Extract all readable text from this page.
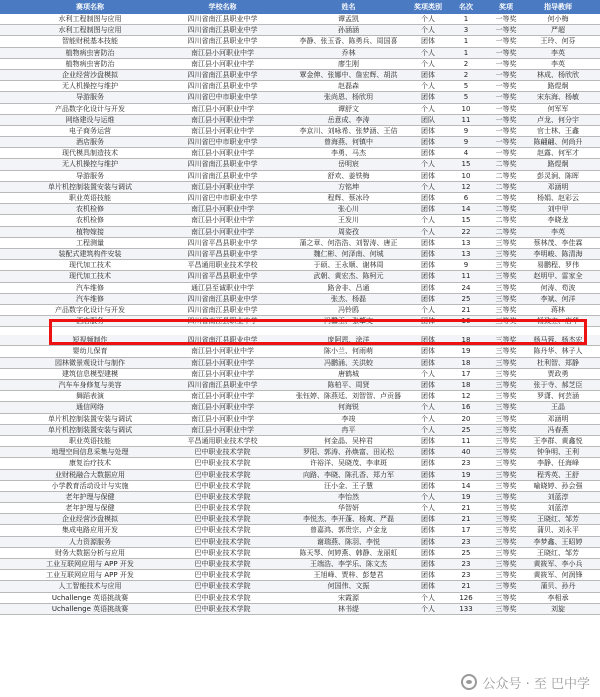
赛项名称	学校名称	姓名	奖项类别	名次	奖项	指导教师
水利工程制图与应用	四川省南江县职业中学	谭孟凯	个人	1	一等奖	何小梅
水利工程制图与应用	四川省南江县职业中学	孙涵涵	个人	3	一等奖	严超
智能财税基本技能	四川省南江县职业中学	李静、张玉香、陈勇兵、周国喜	团体	1	一等奖	王玲、何芬
植物病虫害防治	南江县小河职业中学	乔林	个人	1	一等奖	李英
植物病虫害防治	南江县小河职业中学	廖生刚	个人	2	一等奖	李英
企业经营沙盘模拟	四川省南江县职业中学	覃金伸、张娜中、詹宏辉、胡洪	团体	2	一等奖	林成、杨欣欣
无人机操控与维护	四川省南江县职业中学	赵磊森	个人	5	一等奖	路煜炯
导游服务	四川省巴中市职业中学	张尚恩、杨欣玥	团体	5	一等奖	宋东海、杨敏
产品数字化设计与开发	南江县小河职业中学	谭舒文	个人	10	一等奖	何军军
网络建设与运维	南江县小河职业中学	岳意成、李涛	团队	11	一等奖	卢龙、何分宇
电子商务运营	南江县小河职业中学	李京川、刘咏希、张梦涵、王佶	团体	9	一等奖	官士林、王鑫
酒店服务	四川省巴中市职业中学	曾海燕、何镇中	团体	9	一等奖	陈翩翩、何尚升
现代模具制造技术	南江县小河职业中学	李勇、马杰	团体	4	一等奖	赵露、何军才
无人机操控与维护	四川省南江县职业中学	岳明宸	个人	15	二等奖	路煜炯
导游服务	四川省南江县职业中学	舒欢、姜铁梅	团体	10	二等奖	彭灵涧、陈晖
单片机控制装置安装与调试	南江县小河职业中学	方铭坤	个人	12	二等奖	邓涵明
职业英语技能	四川省巴中市职业中学	程辉、蔡冰玲	团体	6	二等奖	杨娟、赵彩云
农机检修	南江县小河职业中学	张心川	团体	14	二等奖	刘中甲
农机检修	南江县小河职业中学	王发川	个人	15	二等奖	李晓龙
植物嫁接	南江县小河职业中学	周姿孜	个人	22	二等奖	李英
工程测量	四川省平昌县职业中学	蒲之章、何浩浩、刘智涛、唐正	团体	13	三等奖	蔡林茂、李佳霖
装配式建筑构件安装	四川省平昌县职业中学	魏仁彬、何泽南、何城	团体	13	三等奖	李明峻、陈清海
现代加工技术	平昌通用职业技术学校	于硕、王永顺、谢林周	团体	9	三等奖	易鹏程、罗伟
现代加工技术	四川省平昌县职业中学	武朝、黄宏杰、陈柯元	团体	11	三等奖	赵明甲、雷家全
汽车维修	通江县至诚职业中学	路舍非、吕通	团体	24	三等奖	何涛、苟波
汽车维修	四川省南江县职业中学	张杰、杨磊	团体	25	三等奖	李斌、何洋
产品数字化设计与开发	四川省南江县职业中学	冯铃鸥	个人	21	三等奖	蒋林
酒店服务	四川省南江县职业中学	冯馨玉、张肇文	团体	16	三等奖	杨致立、唐华
短视频制作	四川省南江县职业中学	庞阿恩、涂洋	团体	18	三等奖	杨马蓉、杨杰宏
婴幼儿保育	南江县小河职业中学	陈小兰、何雨萌	团体	19	三等奖	陈丹华、林子人
园林微景观设计与制作	南江县小河职业中学	冯鹏涌、关洪蛟	团体	18	三等奖	杜利智、郑静
建筑信息模型建模	南江县小河职业中学	唐鹤城	个人	17	三等奖	贾政勇
汽车车身修复与美容	四川省南江县职业中学	陈柏平、周贤	团体	18	三等奖	张于寺、郝芝臣
舞蹈表演	南江县小河职业中学	张钰婷、陈燕廷、刘智智、卢贡器	团体	12	三等奖	罗潇、何芸涵
通信网络	南江县小河职业中学	何海锐	个人	16	三等奖	王晶
单片机控制装置安装与调试	南江县小河职业中学	李竣	个人	20	三等奖	邓涵明
单片机控制装置安装与调试	南江县小河职业中学	冉平	个人	25	三等奖	冯春燕
职业英语技能	平昌通用职业技术学校	何金晶、吴梓君	团体	11	三等奖	王李群、黄鑫悦
地理空间信息采集与处理	巴中职业技术学院	罗阳、郭涛、孙焕富、田沁松	团体	40	三等奖	钟争明、王利
康复治疗技术	巴中职业技术学院	许裕洋、吴晓茂、李聿斑	团体	23	三等奖	李静、任海峰
业财税融合大数据应用	巴中职业技术学院	向路、李晓、陈孔香、郑力军	团体	19	三等奖	程秀英、王舒
小学教育活动设计与实施	巴中职业技术学院	汪小金、王子慧	团体	14	三等奖	喻晓婷、孙会强
老年护理与保健	巴中职业技术学院	李怡然	个人	19	三等奖	刘蓝淳
老年护理与保健	巴中职业技术学院	华智妍	个人	21	三等奖	刘蓝淳
企业经营沙盘模拟	巴中职业技术学院	李悦杰、李开蓬、杨爽、严磊	团体	21	三等奖	王晓红、邹芳
集成电路应用开发	巴中职业技术学院	曾嘉鸿、郭贵宗、卢金龙	团体	17	三等奖	蒲贝、刘永平
人力资源服务	巴中职业技术学院	谢瑞燕、陈羽、李悦	团体	23	三等奖	李梦鑫、王昭婷
财务大数据分析与应用	巴中职业技术学院	陈天琴、何婷燕、韩静、龙丽虹	团体	25	三等奖	王晓红、邹芳
工业互联网应用与 APP 开发	巴中职业技术学院	王端浩、李学乐、陈文杰	团体	23	三等奖	黄筱军、李小兵
工业互联网应用与 APP 开发	巴中职业技术学院	王旭峰、贾梓、彭楚君	团体	23	三等奖	黄筱军、何润锋
人工智能技术与应用	巴中职业技术学院	何国伟、文振	团体	21	三等奖	蒲贝、孙丹
Uchallenge 英语挑战赛	巴中职业技术学院	宋霞源	个人	126	三等奖	李相承
Uchallenge 英语挑战赛	巴中职业技术学院	林书缇	个人	133	三等奖	刘旋
公众号 · 至 巴中学
